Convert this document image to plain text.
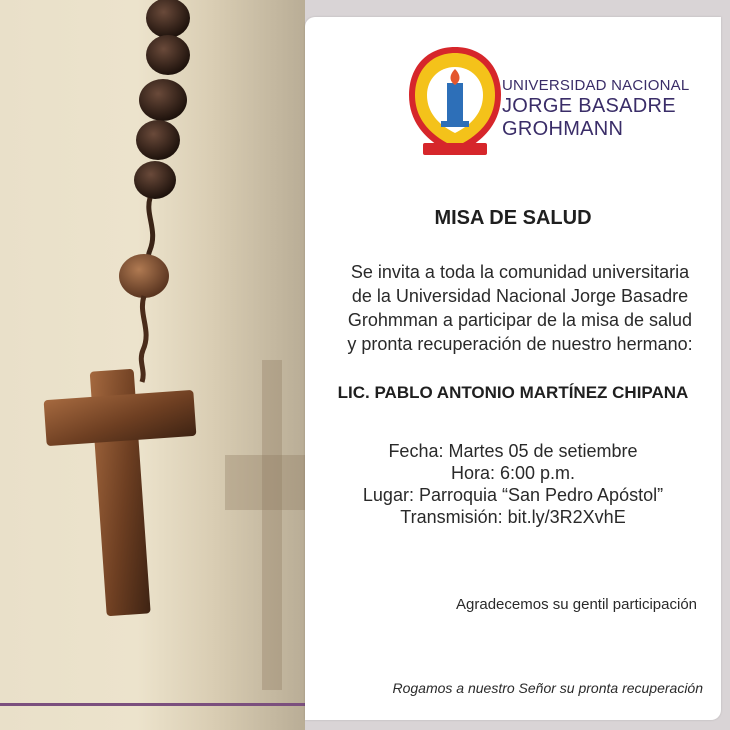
UNIVERSIDAD NACIONAL
JORGE BASADRE
GROHMANN
MISA DE SALUD
Se invita a toda la comunidad universitaria
de la Universidad Nacional Jorge Basadre
Grohmman a participar de la misa de salud
y pronta recuperación de nuestro hermano:
LIC. PABLO ANTONIO MARTÍNEZ CHIPANA
Fecha: Martes 05 de setiembre
Hora: 6:00 p.m.
Lugar: Parroquia “San Pedro Apóstol”
Transmisión: bit.ly/3R2XvhE
Agradecemos su gentil participación
Rogamos a nuestro Señor su pronta recuperación
